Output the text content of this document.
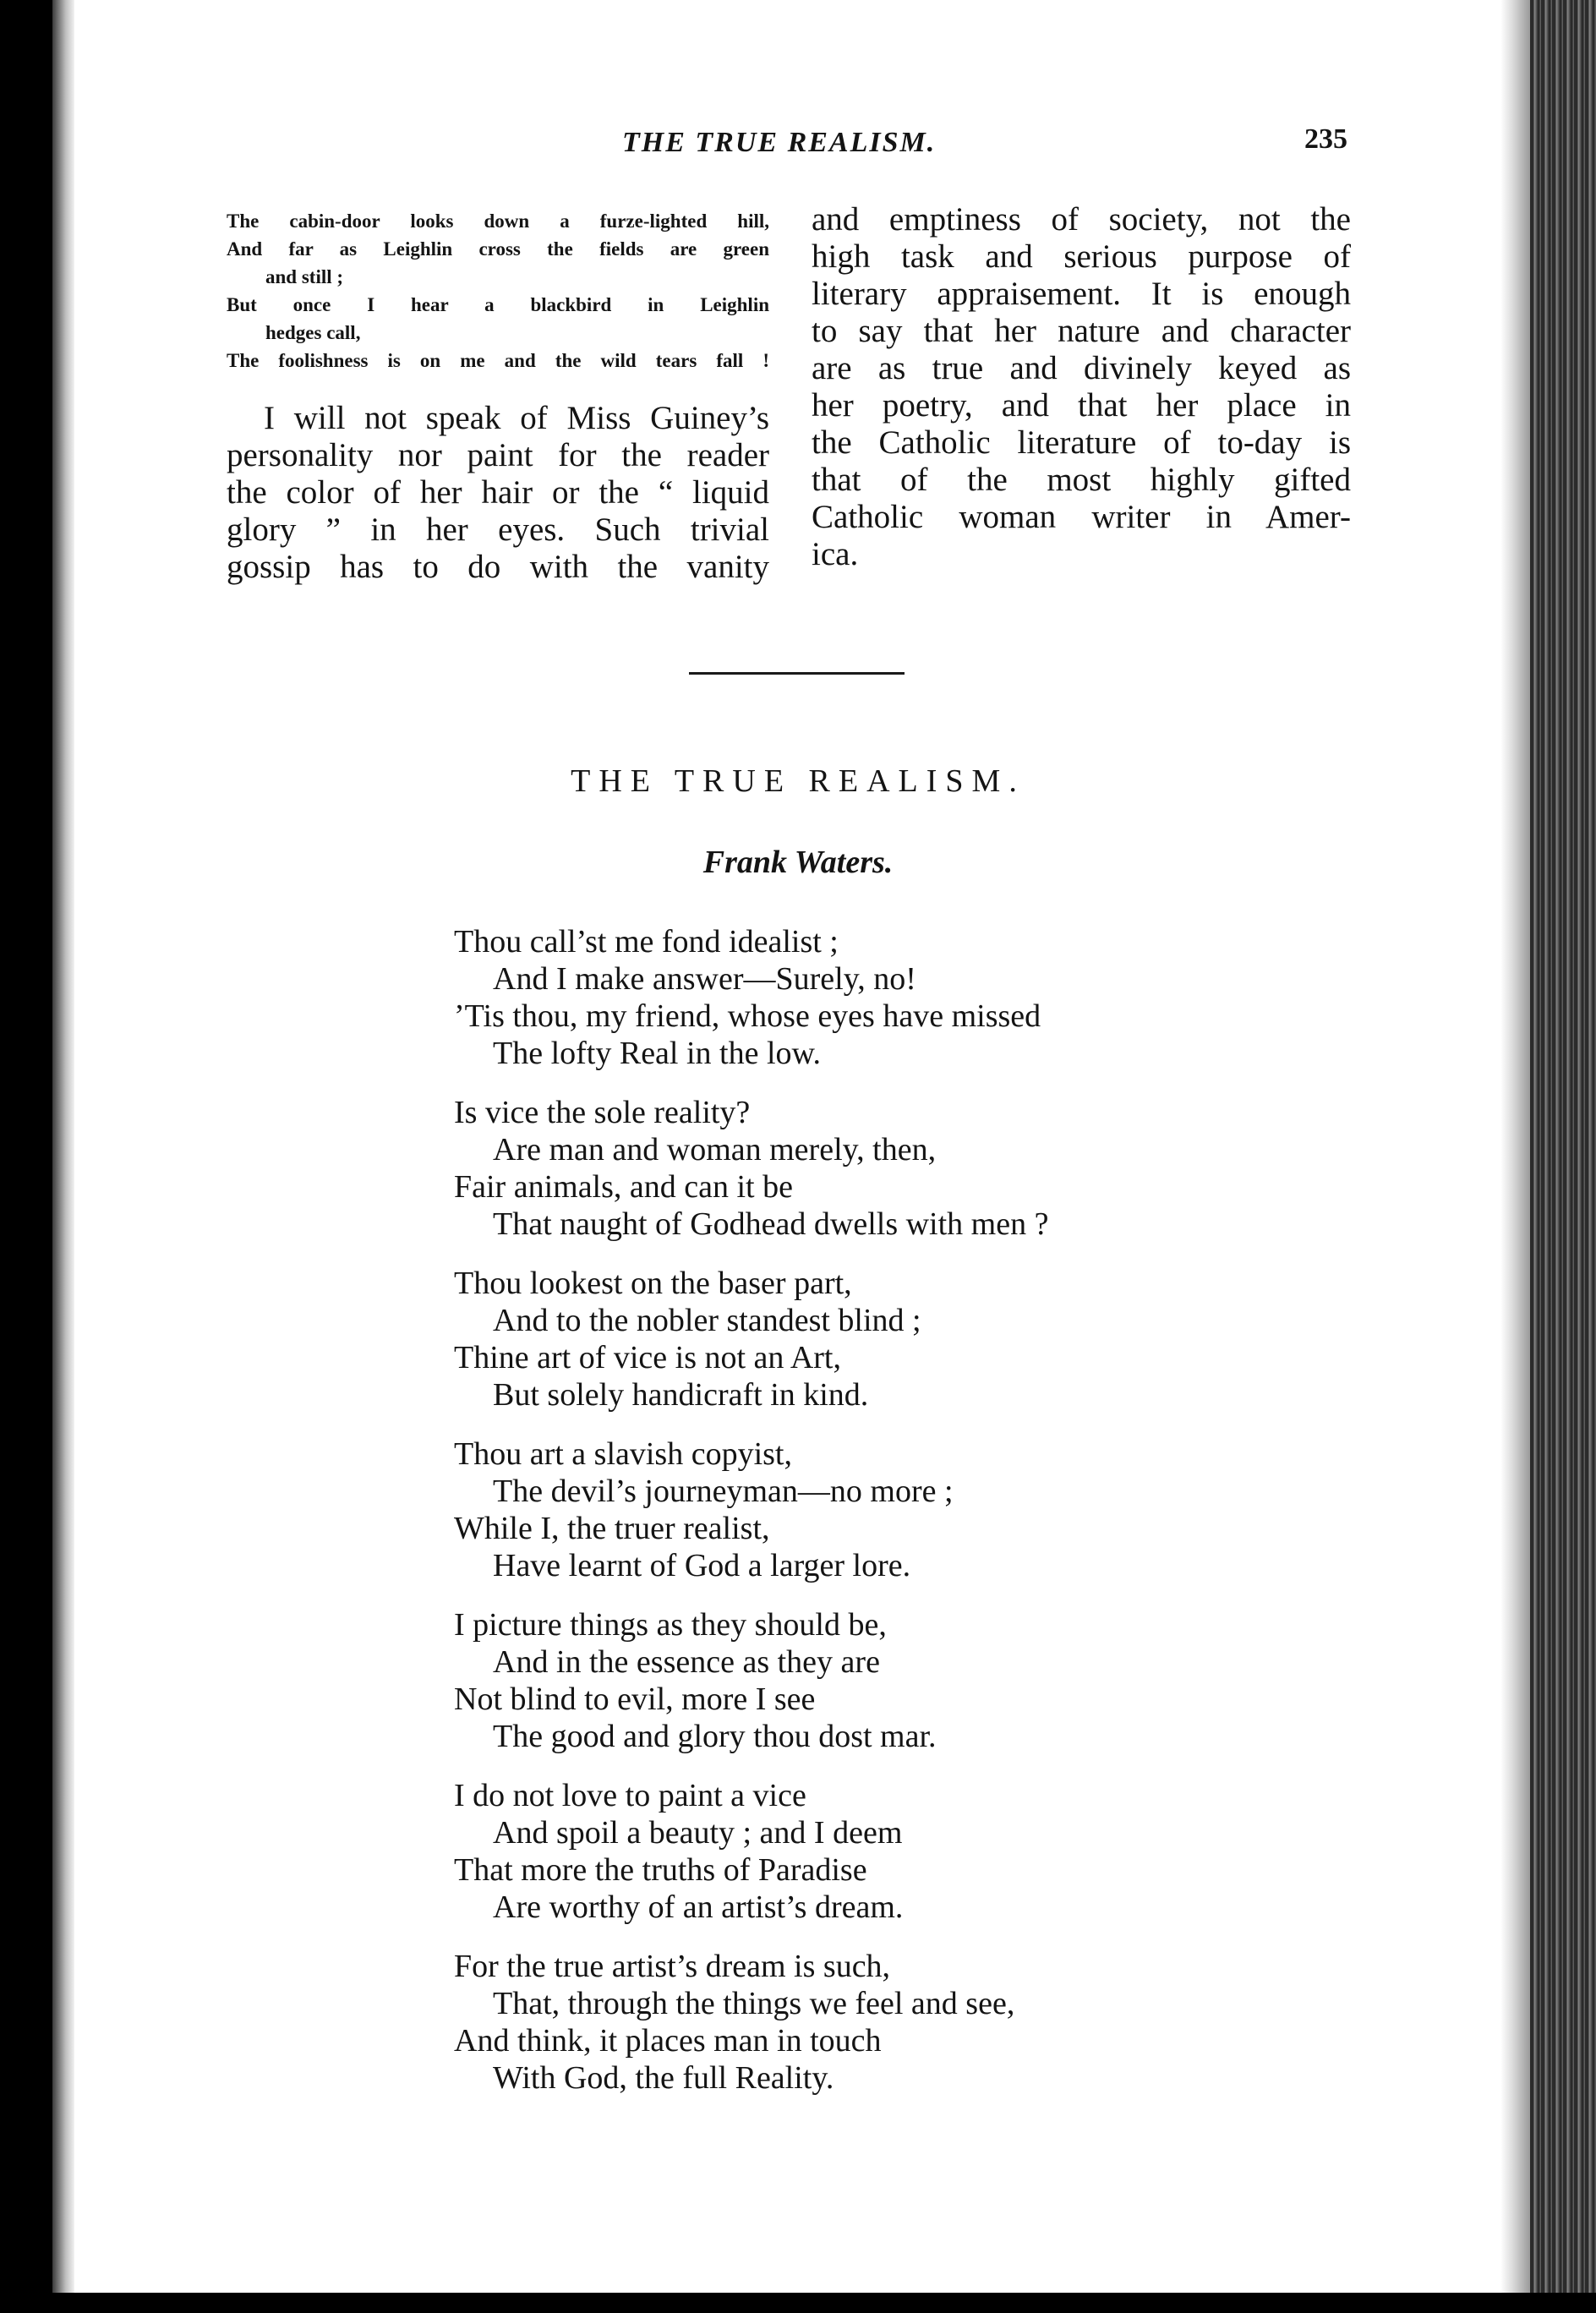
THE TRUE REALISM.	235
The cabin-door looks down a furze-lighted hill,
And far as Leighlin cross the fields are green
and still ;
But once I hear a blackbird in Leighlin
hedges call,
The foolishness is on me and the wild tears fall !
I will not speak of Miss Guiney’s
personality nor paint for the reader
the color of her hair or the “ liquid
glory ” in her eyes. Such trivial
gossip has to do with the vanity
and emptiness of society, not the
high task and serious purpose of
literary appraisement. It is enough
to say that her nature and character
are as true and divinely keyed as
her poetry, and that her place in
the Catholic literature of to-day is
that of the most highly gifted
Catholic woman writer in Amer-
ica.
THE TRUE REALISM.
Frank Waters.
Thou call’st me fond idealist ;
And I make answer—Surely, no!
’Tis thou, my friend, whose eyes have missed
The lofty Real in the low.
Is vice the sole reality?
Are man and woman merely, then,
Fair animals, and can it be
That naught of Godhead dwells with men ?
Thou lookest on the baser part,
And to the nobler standest blind ;
Thine art of vice is not an Art,
But solely handicraft in kind.
Thou art a slavish copyist,
The devil’s journeyman—no more ;
While I, the truer realist,
Have learnt of God a larger lore.
I picture things as they should be,
And in the essence as they are
Not blind to evil, more I see
The good and glory thou dost mar.
I do not love to paint a vice
And spoil a beauty ; and I deem
That more the truths of Paradise
Are worthy of an artist’s dream.
For the true artist’s dream is such,
That, through the things we feel and see,
And think, it places man in touch
With God, the full Reality.
